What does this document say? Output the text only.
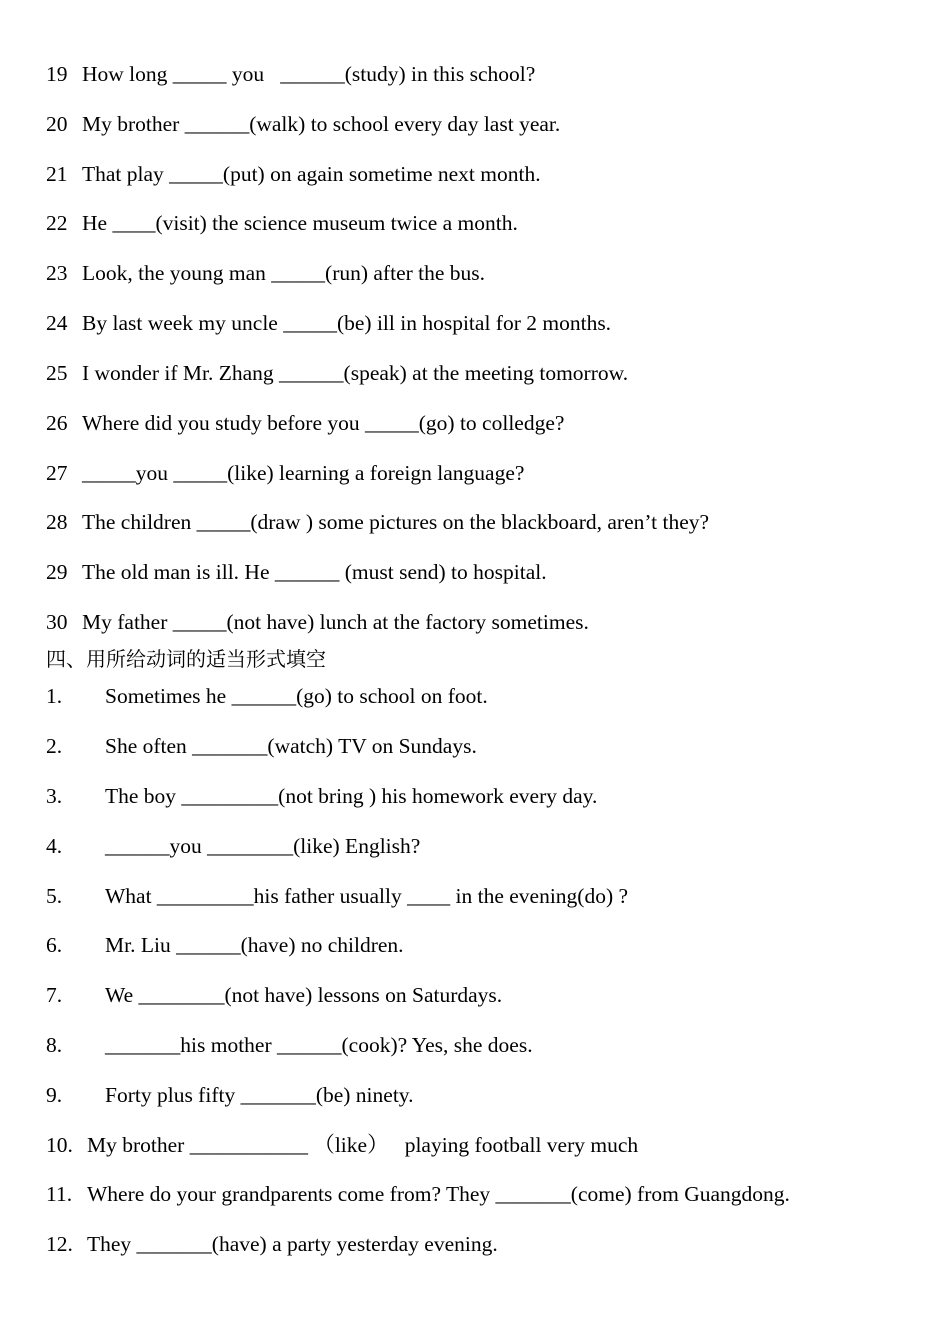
19 How long _____ you   ______(study) in this school?
20 My brother ______(walk) to school every day last year.
21 That play _____(put) on again sometime next month.
22 He ____(visit) the science museum twice a month.
23 Look, the young man _____(run) after the bus.
24 By last week my uncle _____(be) ill in hospital for 2 months.
25 I wonder if Mr. Zhang ______(speak) at the meeting tomorrow.
26 Where did you study before you _____(go) to colledge?
27 _____you _____(like) learning a foreign language?
28 The children _____(draw ) some pictures on the blackboard, aren’t they?
29 The old man is ill. He ______ (must send) to hospital.
30 My father _____(not have) lunch at the factory sometimes.
四、用所给动词的适当形式填空
1. Sometimes he ______(go) to school on foot.
2. She often _______(watch) TV on Sundays.
3. The boy _________(not bring ) his homework every day.
4. ______you ________(like) English?
5. What _________his father usually ____ in the evening(do) ?
6. Mr. Liu ______(have) no children.
7. We ________(not have) lessons on Saturdays.
8. _______his mother ______(cook)? Yes, she does.
9. Forty plus fifty _______(be) ninety.
10. My brother ___________ （like）   playing football very much
11. Where do your grandparents come from? They _______(come) from Guangdong.
12. They _______(have) a party yesterday evening.
